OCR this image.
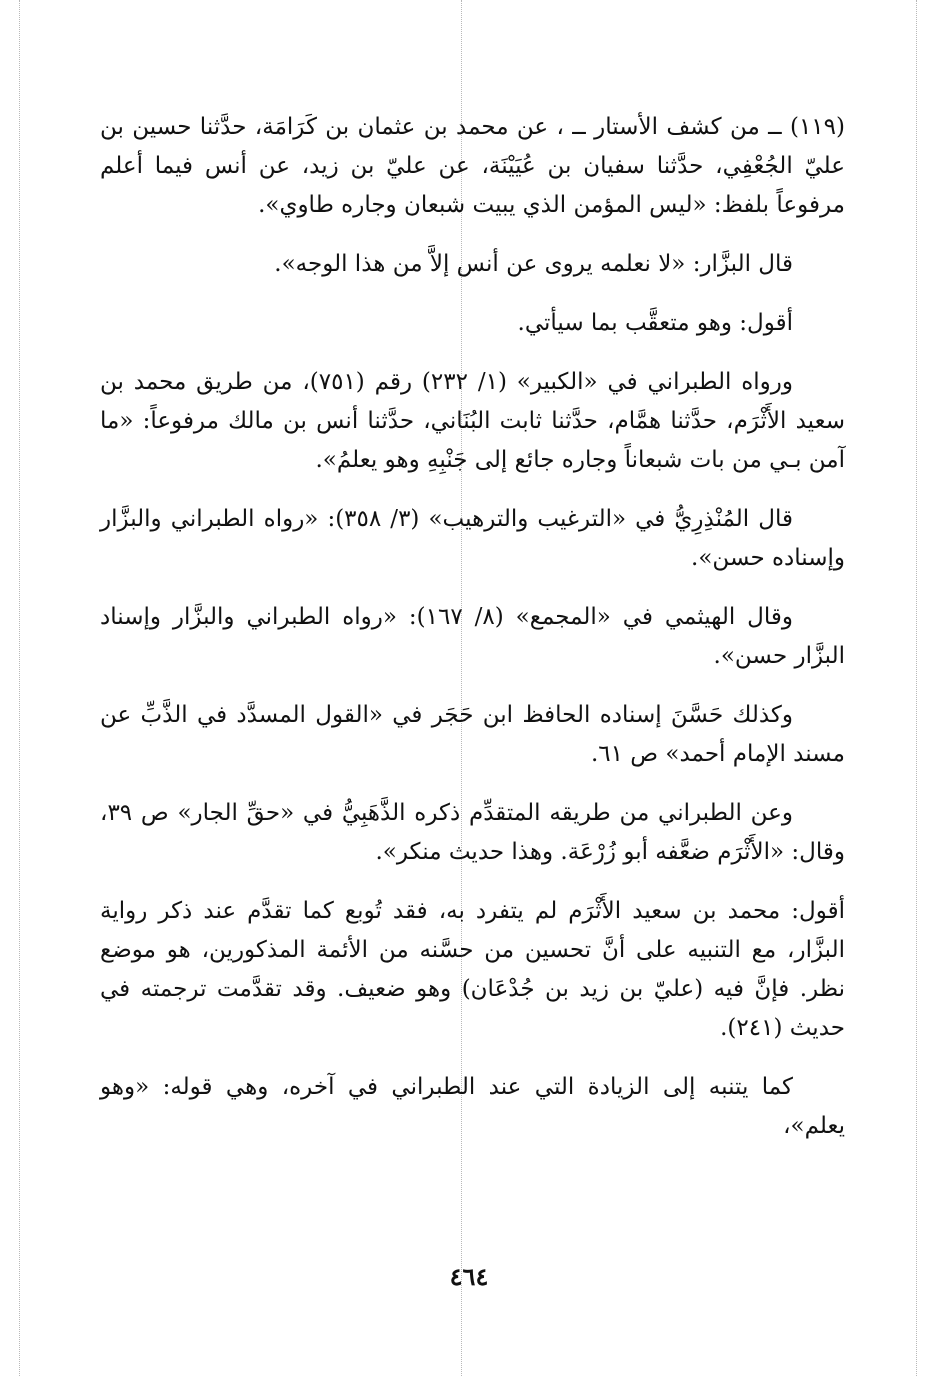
(١١٩) ــ من كشف الأستار ــ ، عن محمد بن عثمان بن كَرَامَة، حدَّثنا حسين بن عليّ الجُعْفِي، حدَّثنا سفيان بن عُيَيْنَة، عن عليّ بن زيد، عن أنس فيما أعلم مرفوعاً بلفظ: «ليس المؤمن الذي يبيت شبعان وجاره طاوي».

قال البزَّار: «لا نعلمه يروى عن أنس إلاَّ من هذا الوجه».

أقول: وهو متعقَّب بما سيأتي.

ورواه الطبراني في «الكبير» (١/ ٢٣٢) رقم (٧٥١)، من طريق محمد بن سعيد الأَثْرَم، حدَّثنا همَّام، حدَّثنا ثابت البُنَاني، حدَّثنا أنس بن مالك مرفوعاً: «ما آمن بـي من بات شبعاناً وجاره جائع إلى جَنْبِهِ وهو يعلمُ».

قال المُنْذِرِيُّ في «الترغيب والترهيب» (٣/ ٣٥٨): «رواه الطبراني والبزَّار وإسناده حسن».

وقال الهيثمي في «المجمع» (٨/ ١٦٧): «رواه الطبراني والبزَّار وإسناد البزَّار حسن».

وكذلك حَسَّنَ إسناده الحافظ ابن حَجَر في «القول المسدَّد في الذَّبِّ عن مسند الإمام أحمد» ص ٦١.

وعن الطبراني من طريقه المتقدِّم ذكره الذَّهَبِيُّ في «حقِّ الجار» ص ٣٩، وقال: «الأَثْرَم ضعَّفه أبو زُرْعَة. وهذا حديث منكر».

أقول: محمد بن سعيد الأَثْرَم لم يتفرد به، فقد تُوبع كما تقدَّم عند ذكر رواية البزَّار، مع التنبيه على أنَّ تحسين من حسَّنه من الأئمة المذكورين، هو موضع نظر. فإنَّ فيه (عليّ بن زيد بن جُدْعَان) وهو ضعيف. وقد تقدَّمت ترجمته في حديث (٢٤١).

كما يتنبه إلى الزيادة التي عند الطبراني في آخره، وهي قوله: «وهو يعلم»،

٤٦٤
